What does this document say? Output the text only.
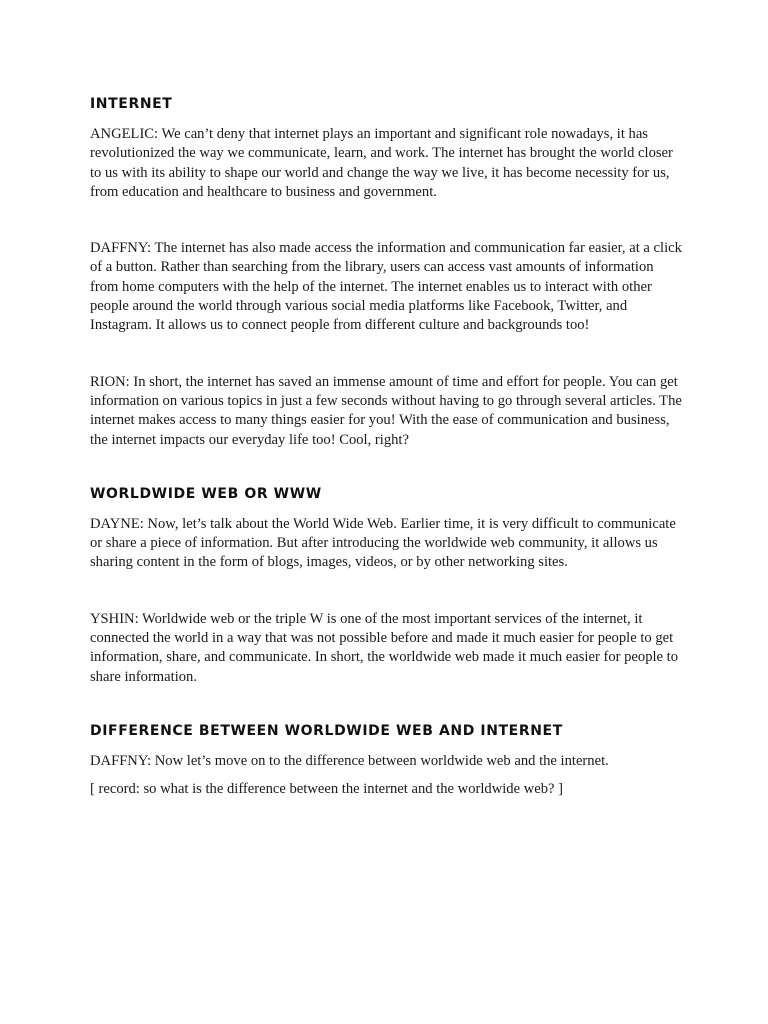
INTERNET

ANGELIC: We can’t deny that internet plays an important and significant role nowadays, it has revolutionized the way we communicate, learn, and work. The internet has brought the world closer to us with its ability to shape our world and change the way we live, it has become necessity for us, from education and healthcare to business and government.

DAFFNY: The internet has also made access the information and communication far easier, at a click of a button. Rather than searching from the library, users can access vast amounts of information from home computers with the help of the internet. The internet enables us to interact with other people around the world through various social media platforms like Facebook, Twitter, and Instagram. It allows us to connect people from different culture and backgrounds too!

RION: In short, the internet has saved an immense amount of time and effort for people. You can get information on various topics in just a few seconds without having to go through several articles. The internet makes access to many things easier for you! With the ease of communication and business, the internet impacts our everyday life too! Cool, right?

WORLDWIDE WEB OR WWW

DAYNE: Now, let’s talk about the World Wide Web. Earlier time, it is very difficult to communicate or share a piece of information. But after introducing the worldwide web community, it allows us sharing content in the form of blogs, images, videos, or by other networking sites.

YSHIN: Worldwide web or the triple W is one of the most important services of the internet, it connected the world in a way that was not possible before and made it much easier for people to get information, share, and communicate. In short, the worldwide web made it much easier for people to share information.

DIFFERENCE BETWEEN WORLDWIDE WEB AND INTERNET

DAFFNY: Now let’s move on to the difference between worldwide web and the internet.

[ record: so what is the difference between the internet and the worldwide web? ]
